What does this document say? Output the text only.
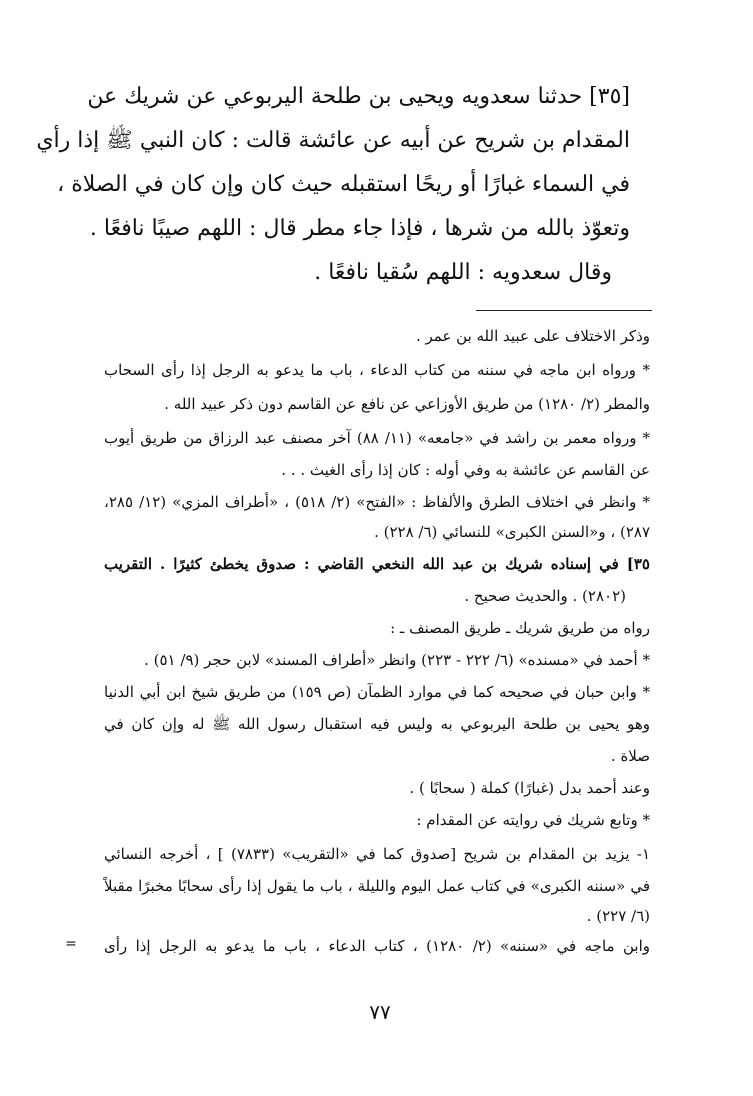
[٣٥] حدثنا سعدويه ويحيى بن طلحة اليربوعي عن شريك عن
المقدام بن شريح عن أبيه عن عائشة قالت : كان النبي ﷺ إذا رأي
في السماء غبارًا أو ريحًا استقبله حيث كان وإن كان في الصلاة ،
وتعوّذ بالله من شرها ، فإذا جاء مطر قال : اللهم صيبًا نافعًا .
وقال سعدويه : اللهم سُقيا نافعًا .
وذكر الاختلاف على عبيد الله بن عمر .
* ورواه ابن ماجه في سننه من كتاب الدعاء ، باب ما يدعو به الرجل إذا رأى السحاب
والمطر (٢/ ١٢٨٠) من طريق الأوزاعي عن نافع عن القاسم دون ذكر عبيد الله .
* ورواه معمر بن راشد في «جامعه» (١١/ ٨٨) آخر مصنف عبد الرزاق من طريق أيوب
عن القاسم عن عائشة به وفي أوله : كان إذا رأى الغيث . . .
* وانظر في اختلاف الطرق والألفاظ : «الفتح» (٢/ ٥١٨) ، «أطراف المزي» (١٢/ ٢٨٥،
٢٨٧) ، و«السنن الكبرى» للنسائي (٦/ ٢٢٨) .
٣٥] في إسناده شريك بن عبد الله النخعي القاضي : صدوق يخطئ كثيرًا . التقريب
(٢٨٠٢) . والحديث صحيح .
رواه من طريق شريك ـ طريق المصنف ـ :
* أحمد في «مسنده» (٦/ ٢٢٢ - ٢٢٣) وانظر «أطراف المسند» لابن حجر (٩/ ٥١) .
* وابن حبان في صحيحه كما في موارد الظمآن (ص ١٥٩) من طريق شيخ ابن أبي الدنيا
وهو يحيى بن طلحة اليربوعي به وليس فيه استقبال رسول الله ﷺ له وإن كان في
صلاة .
وعند أحمد بدل (غبارًا) كملة ( سحابًا ) .
* وتابع شريك في روايته عن المقدام :
١- يزيد بن المقدام بن شريح [صدوق كما في «التقريب» (٧٨٣٣) ] ، أخرجه النسائي
في «سننه الكبرى» في كتاب عمل اليوم والليلة ، باب ما يقول إذا رأى سحابًا مخبرًا مقبلاً
(٦/ ٢٢٧) .
وابن ماجه في «سننه» (٢/ ١٢٨٠) ، كتاب الدعاء ، باب ما يدعو به الرجل إذا رأى
=
٧٧
